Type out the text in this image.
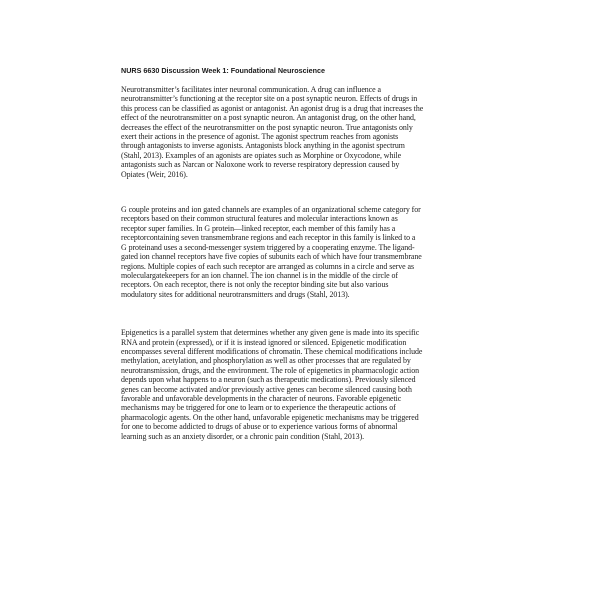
NURS 6630 Discussion Week 1: Foundational Neuroscience

Neurotransmitter’s facilitates inter neuronal communication. A drug can influence a
neurotransmitter’s functioning at the receptor site on a post synaptic neuron. Effects of drugs in
this process can be classified as agonist or antagonist. An agonist drug is a drug that increases the
effect of the neurotransmitter on a post synaptic neuron. An antagonist drug, on the other hand,
decreases the effect of the neurotransmitter on the post synaptic neuron. True antagonists only
exert their actions in the presence of agonist. The agonist spectrum reaches from agonists
through antagonists to inverse agonists. Antagonists block anything in the agonist spectrum
(Stahl, 2013). Examples of an agonists are opiates such as Morphine or Oxycodone, while
antagonists such as Narcan or Naloxone work to reverse respiratory depression caused by
Opiates (Weir, 2016).

G couple proteins and ion gated channels are examples of an organizational scheme category for
receptors based on their common structural features and molecular interactions known as
receptor super families. In G protein—linked receptor, each member of this family has a
receptorcontaining seven transmembrane regions and each receptor in this family is linked to a
G proteinand uses a second-messenger system triggered by a cooperating enzyme. The ligand-
gated ion channel receptors have five copies of subunits each of which have four transmembrane
regions. Multiple copies of each such receptor are arranged as columns in a circle and serve as
moleculargatekeepers for an ion channel. The ion channel is in the middle of the circle of
receptors. On each receptor, there is not only the receptor binding site but also various
modulatory sites for additional neurotransmitters and drugs (Stahl, 2013).

Epigenetics is a parallel system that determines whether any given gene is made into its specific
RNA and protein (expressed), or if it is instead ignored or silenced. Epigenetic modification
encompasses several different modifications of chromatin. These chemical modifications include
methylation, acetylation, and phosphorylation as well as other processes that are regulated by
neurotransmission, drugs, and the environment. The role of epigenetics in pharmacologic action
depends upon what happens to a neuron (such as therapeutic medications). Previously silenced
genes can become activated and/or previously active genes can become silenced causing both
favorable and unfavorable developments in the character of neurons. Favorable epigenetic
mechanisms may be triggered for one to learn or to experience the therapeutic actions of
pharmacologic agents. On the other hand, unfavorable epigenetic mechanisms may be triggered
for one to become addicted to drugs of abuse or to experience various forms of abnormal
learning such as an anxiety disorder, or a chronic pain condition (Stahl, 2013).
